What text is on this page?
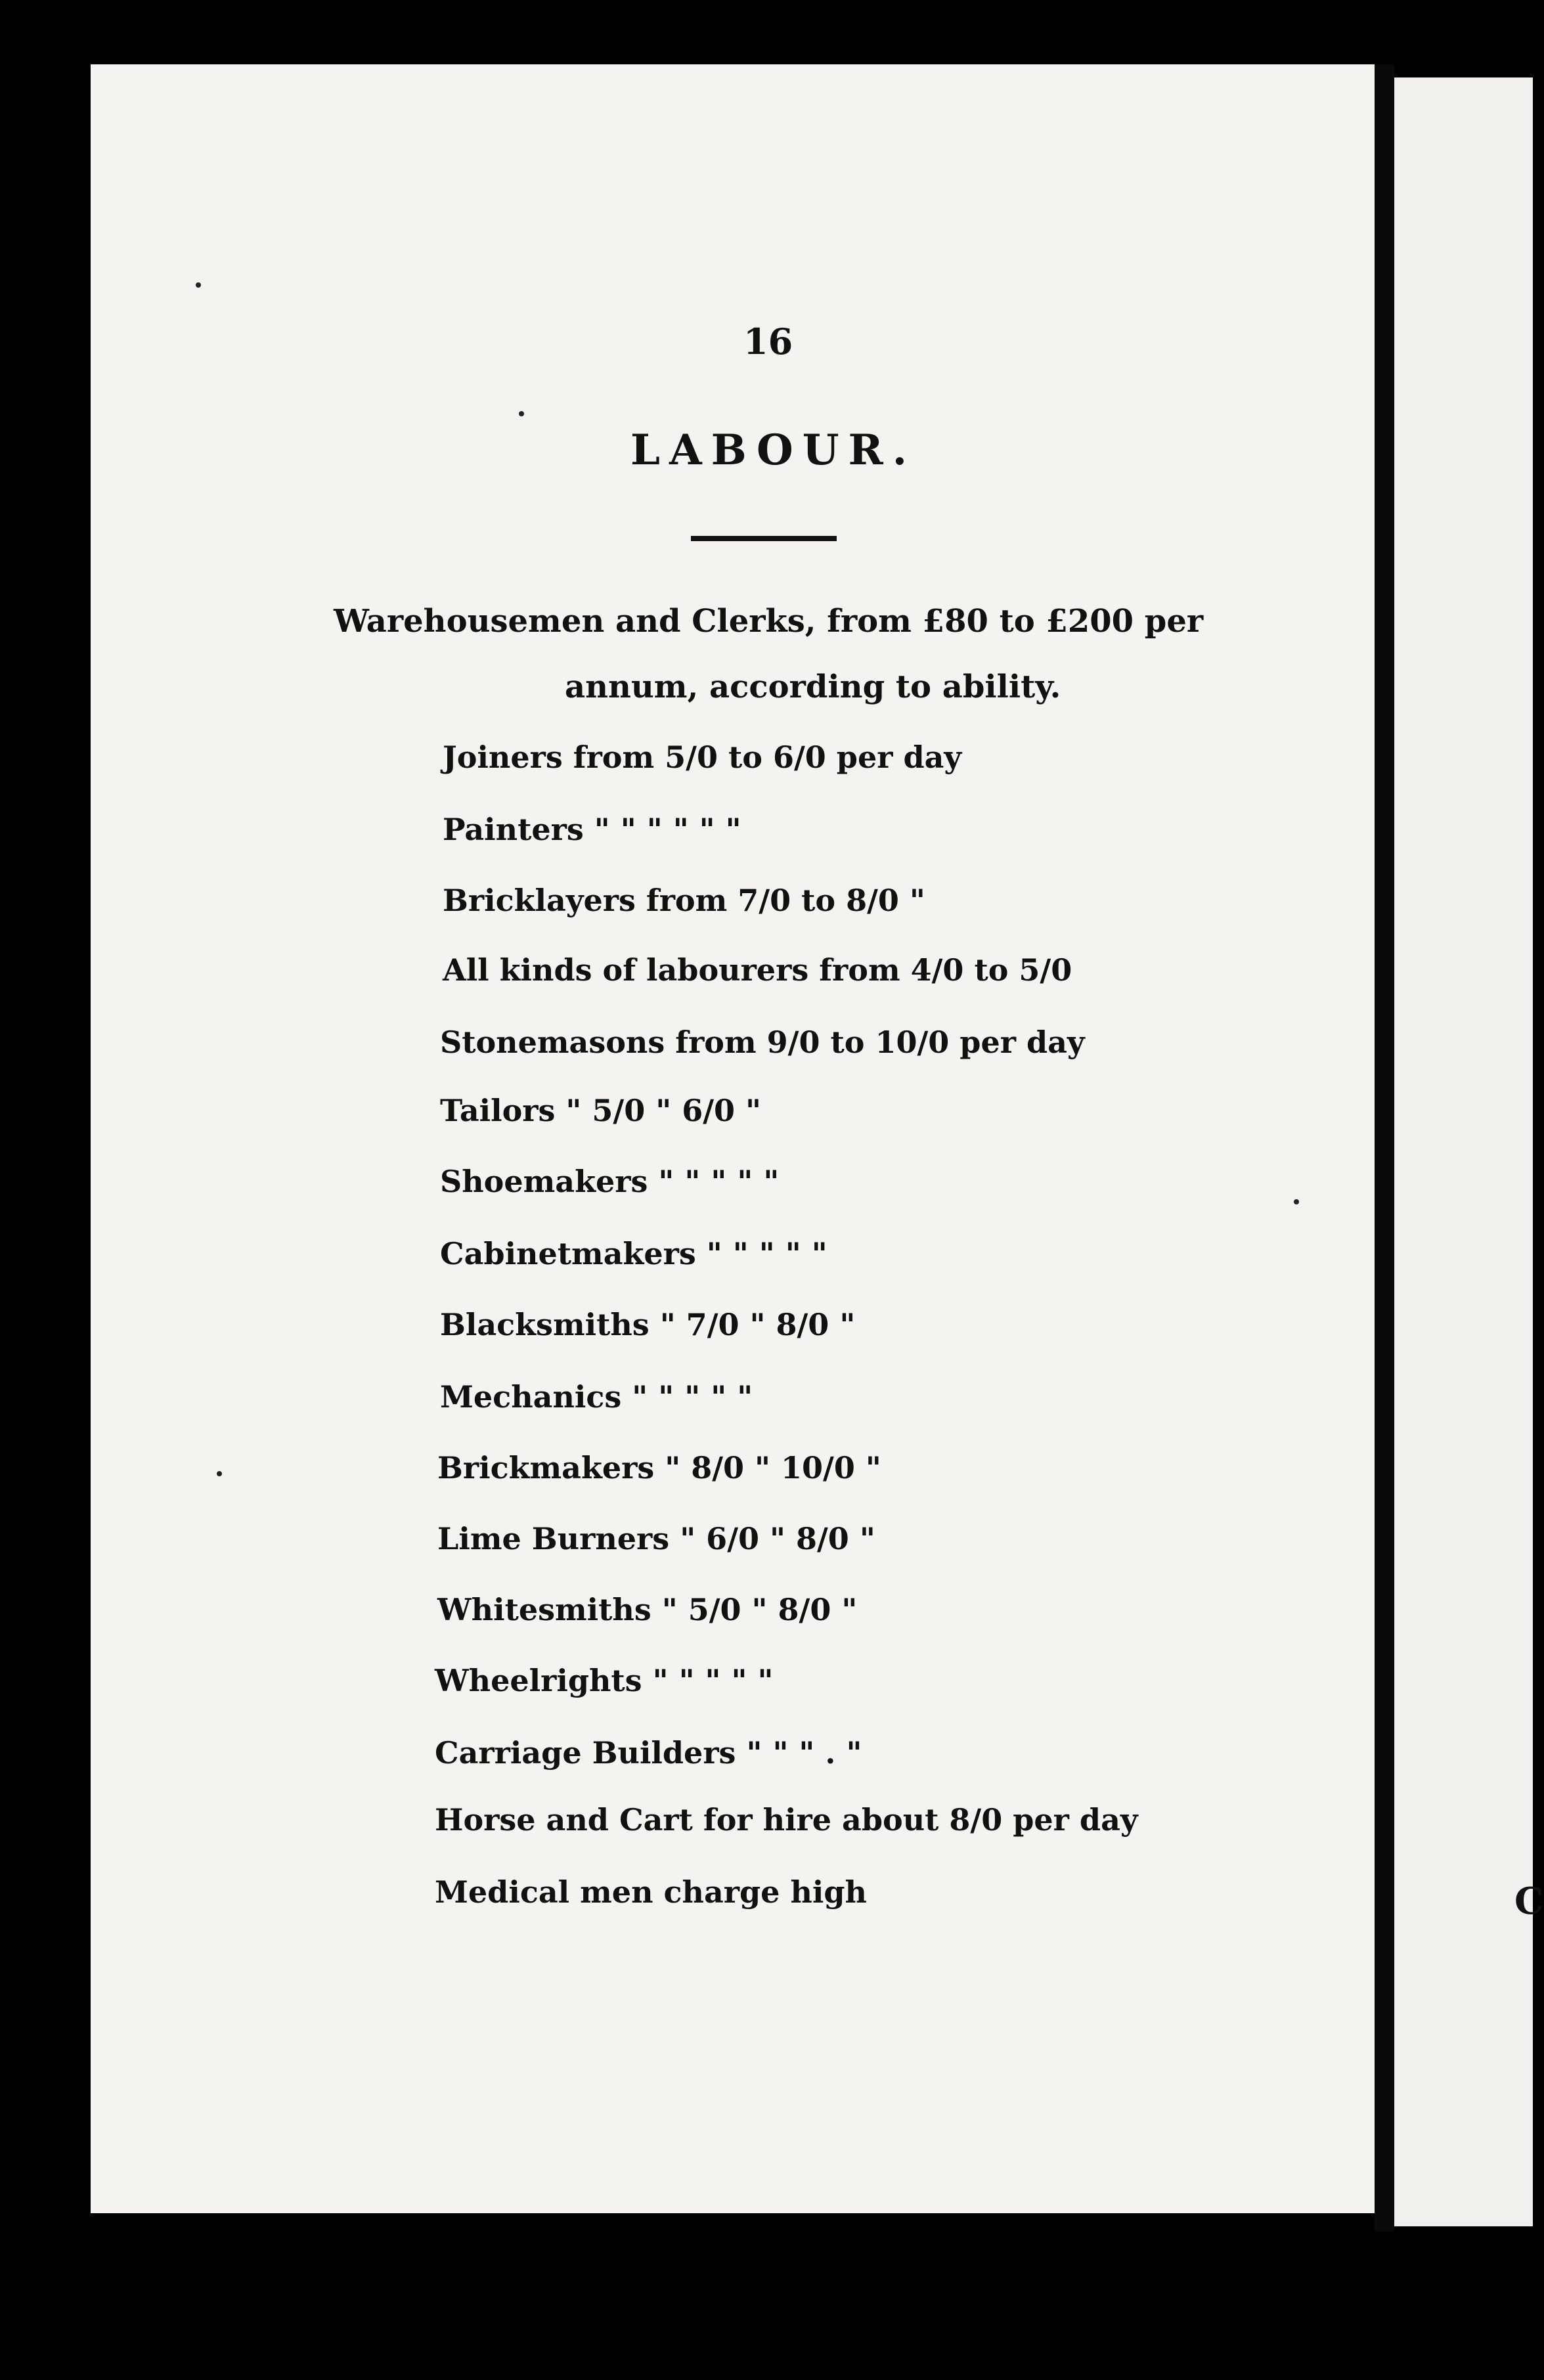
C
16
LABOUR.
Warehousemen and Clerks, from £80 to £200 per
annum, according to ability.
Joiners from 5/0 to 6/0 per day
Painters " " " " " "
Bricklayers from 7/0 to 8/0 "
All kinds of labourers from 4/0 to 5/0
Stonemasons from 9/0 to 10/0 per day
Tailors " 5/0 " 6/0 "
Shoemakers " " " " "
Cabinetmakers " " " " "
Blacksmiths " 7/0 " 8/0 "
Mechanics " " " " "
Brickmakers " 8/0 " 10/0 "
Lime Burners " 6/0 " 8/0 "
Whitesmiths " 5/0 " 8/0 "
Wheelrights " " " " "
Carriage Builders " " " . "
Horse and Cart for hire about 8/0 per day
Medical men charge high
